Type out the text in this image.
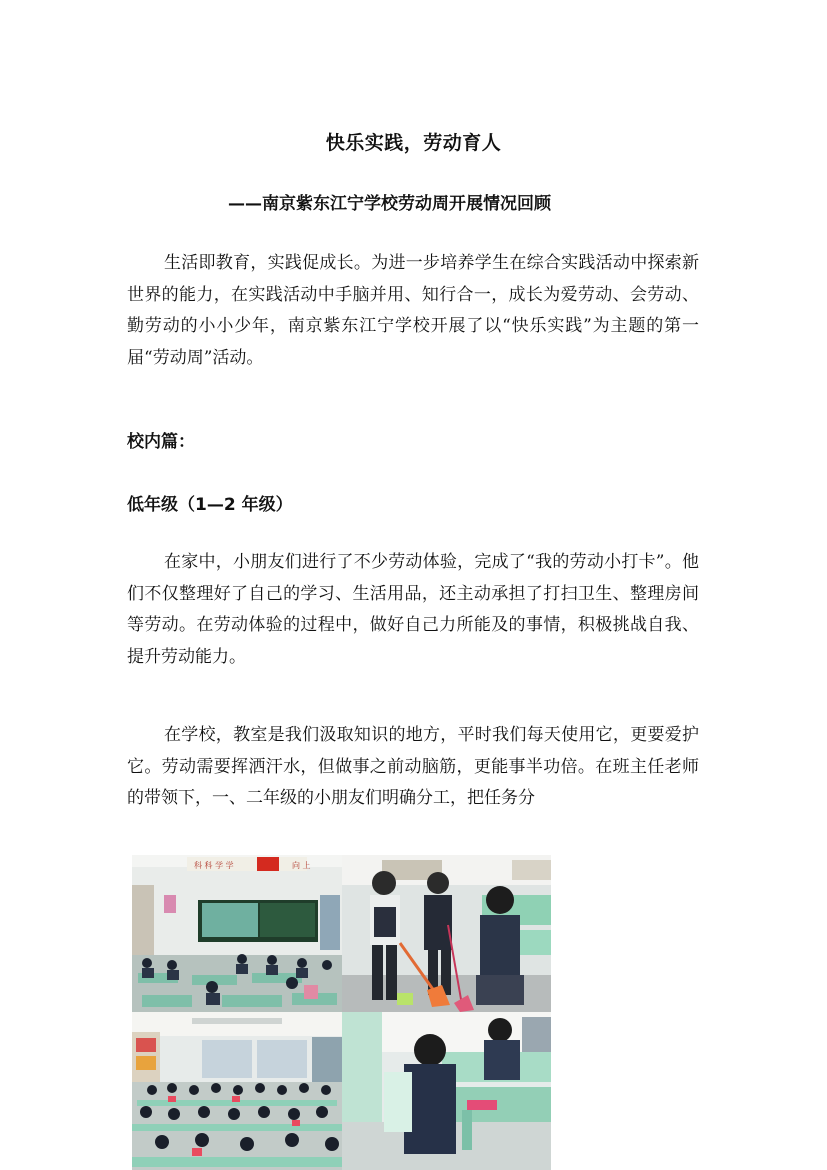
快乐实践，劳动育人
——南京紫东江宁学校劳动周开展情况回顾
生活即教育，实践促成长。为进一步培养学生在综合实践活动中探索新世界的能力，在实践活动中手脑并用、知行合一，成长为爱劳动、会劳动、勤劳动的小小少年，南京紫东江宁学校开展了以“快乐实践”为主题的第一届“劳动周”活动。
校内篇：
低年级（1—2 年级）
在家中，小朋友们进行了不少劳动体验，完成了“我的劳动小打卡”。他们不仅整理好了自己的学习、生活用品，还主动承担了打扫卫生、整理房间等劳动。在劳动体验的过程中，做好自己力所能及的事情，积极挑战自我、提升劳动能力。
在学校，教室是我们汲取知识的地方，平时我们每天使用它，更要爱护它。劳动需要挥洒汗水，但做事之前动脑筋，更能事半功倍。在班主任老师的带领下，一、二年级的小朋友们明确分工，把任务分
科 科 学 学	向 上
